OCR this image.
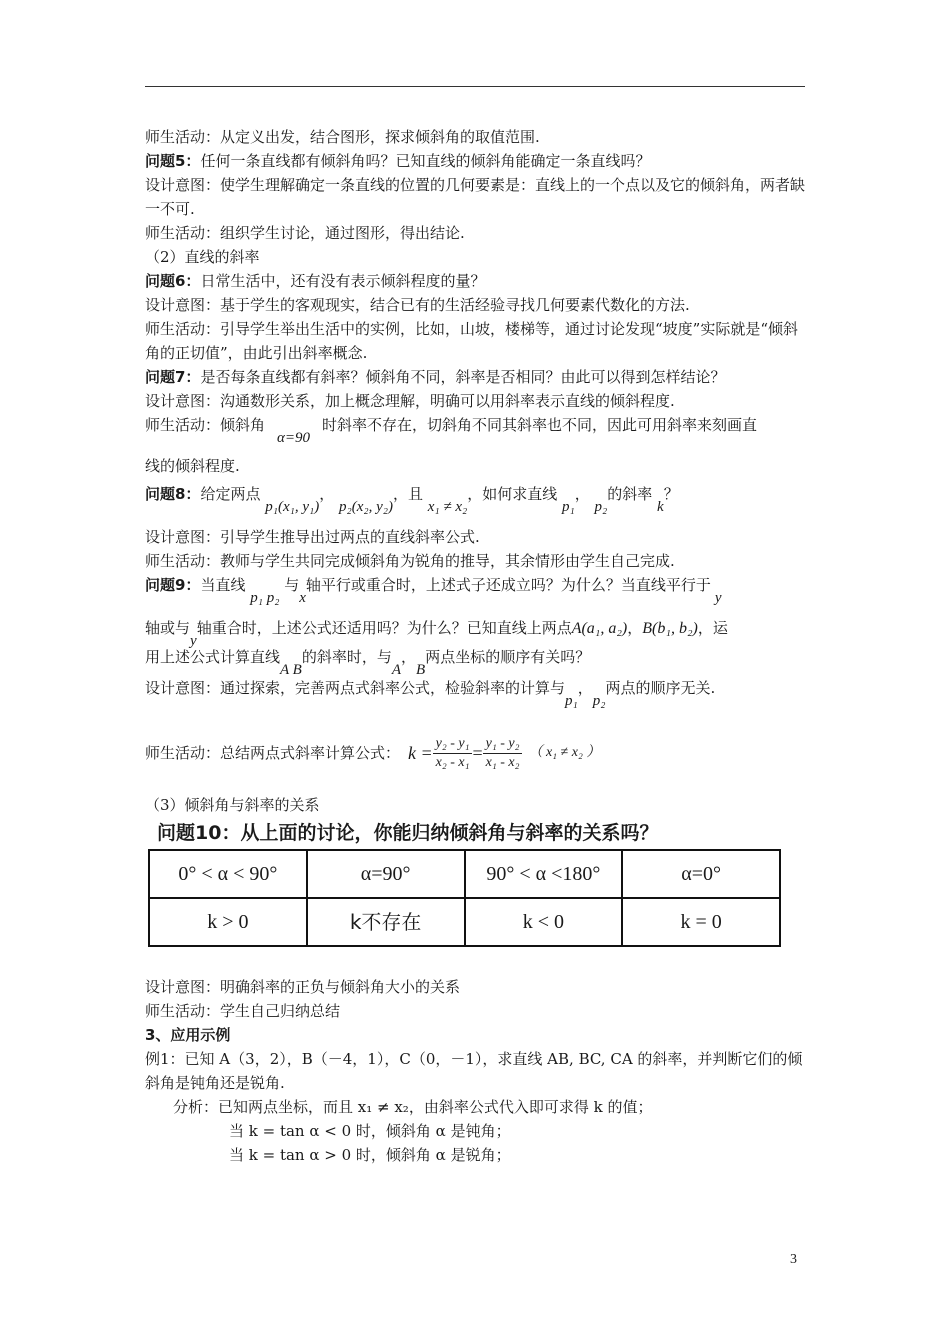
师生活动：从定义出发，结合图形，探求倾斜角的取值范围.

问题5：任何一条直线都有倾斜角吗？已知直线的倾斜角能确定一条直线吗？

设计意图：使学生理解确定一条直线的位置的几何要素是：直线上的一个点以及它的倾斜角，两者缺一不可.

师生活动：组织学生讨论，通过图形，得出结论.

（2）直线的斜率

问题6：日常生活中，还有没有表示倾斜程度的量？

设计意图：基于学生的客观现实，结合已有的生活经验寻找几何要素代数化的方法.

师生活动：引导学生举出生活中的实例，比如，山坡，楼梯等，通过讨论发现“坡度”实际就是“倾斜角的正切值”，由此引出斜率概念.

问题7：是否每条直线都有斜率？倾斜角不同，斜率是否相同？由此可以得到怎样结论？

设计意图：沟通数形关系，加上概念理解，明确可以用斜率表示直线的倾斜程度.

师生活动：倾斜角α=90时斜率不存在，切斜角不同其斜率也不同，因此可用斜率来刻画直

线的倾斜程度.

问题8：给定两点 p₁(x₁, y₁)， p₂(x₂, y₂)，且 x₁ ≠ x₂，如何求直线 p₁， p₂的斜率 k？

设计意图：引导学生推导出过两点的直线斜率公式.

师生活动：教师与学生共同完成倾斜角为锐角的推导，其余情形由学生自己完成.

问题9：当直线 p₁ p₂ 与x轴平行或重合时，上述式子还成立吗？为什么？当直线平行于y

轴或与y轴重合时，上述公式还适用吗？为什么？已知直线上两点A(a₁, a₂)，B(b₁, b₂)，运

用上述公式计算直线A B的斜率时，与A，B两点坐标的顺序有关吗？

设计意图：通过探索，完善两点式斜率公式，检验斜率的计算与p₁，p₂两点的顺序无关.

师生活动：总结两点式斜率计算公式： $k = \frac{\text{y₂ - y₁}}{\text{x₂ - x₁}} = \frac{\text{y₁ - y₂}}{\text{x₁ - x₂}}$ （ x₁ ≠ x₂ ）

（3）倾斜角与斜率的关系

问题10：从上面的讨论，你能归纳倾斜角与斜率的关系吗？

0° < α < 90°	α=90°	90° < α <180°	α=0°
k > 0	k不存在	k < 0	k = 0

设计意图：明确斜率的正负与倾斜角大小的关系

师生活动：学生自己归纳总结

3、应用示例

例1：已知 A（3，2），B（－4，1），C（0，－1），求直线 AB, BC, CA 的斜率，并判断它们的倾斜角是钝角还是锐角.

分析：已知两点坐标，而且 x₁ ≠ x₂，由斜率公式代入即可求得 k 的值；

当 k = tan α < 0 时，倾斜角 α 是钝角；

当 k = tan α > 0 时，倾斜角 α 是锐角；

3
